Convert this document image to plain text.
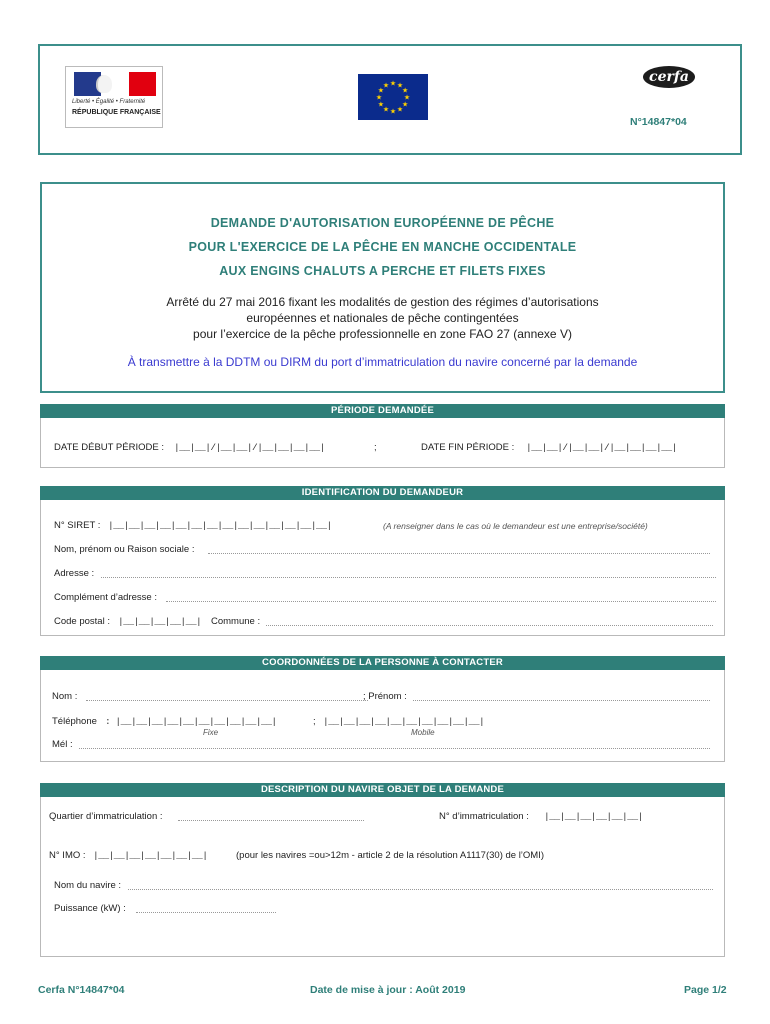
Liberté • Égalité • Fraternité
RÉPUBLIQUE FRANÇAISE
★ ★
★
★
★
★
★
★
★
★
★
★
cerfa
N°14847*04
DEMANDE D'AUTORISATION EUROPÉENNE DE PÊCHE
POUR L'EXERCICE DE LA PÊCHE EN MANCHE OCCIDENTALE
AUX ENGINS CHALUTS A PERCHE ET FILETS FIXES
Arrêté du 27 mai 2016 fixant les modalités de gestion des régimes d’autorisations
européennes et nationales de pêche contingentées
pour l’exercice de la pêche professionnelle en zone FAO 27 (annexe V)
À transmettre à la DDTM ou DIRM du port d’immatriculation du navire concerné par la demande
PÉRIODE DEMANDÉE
DATE DÉBUT PÉRIODE : |__|__|/|__|__|/|__|__|__|__|	;	DATE FIN PÉRIODE : |__|__|/|__|__|/|__|__|__|__|
IDENTIFICATION DU DEMANDEUR
N° SIRET : |__|__|__|__|__|__|__|__|__|__|__|__|__|__|	(A renseigner dans le cas où le demandeur est une entreprise/société)
Nom, prénom ou Raison sociale :
Adresse :
Complément d’adresse :
Code postal : |__|__|__|__|__| Commune :
COORDONNÉES DE LA PERSONNE À CONTACTER
Nom :	; Prénom :
Téléphone : |__|__|__|__|__|__|__|__|__|__|	; |__|__|__|__|__|__|__|__|__|__|
Fixe	Mobile
Mél :
DESCRIPTION DU NAVIRE OBJET DE LA DEMANDE
Quartier d’immatriculation :	N° d’immatriculation : |__|__|__|__|__|__|
N° IMO : |__|__|__|__|__|__|__|	(pour les navires =ou>12m - article 2 de la résolution A1117(30) de l’OMI)
Nom du navire :
Puissance (kW) :
Cerfa N°14847*04	Date de mise à jour : Août 2019	Page 1/2
